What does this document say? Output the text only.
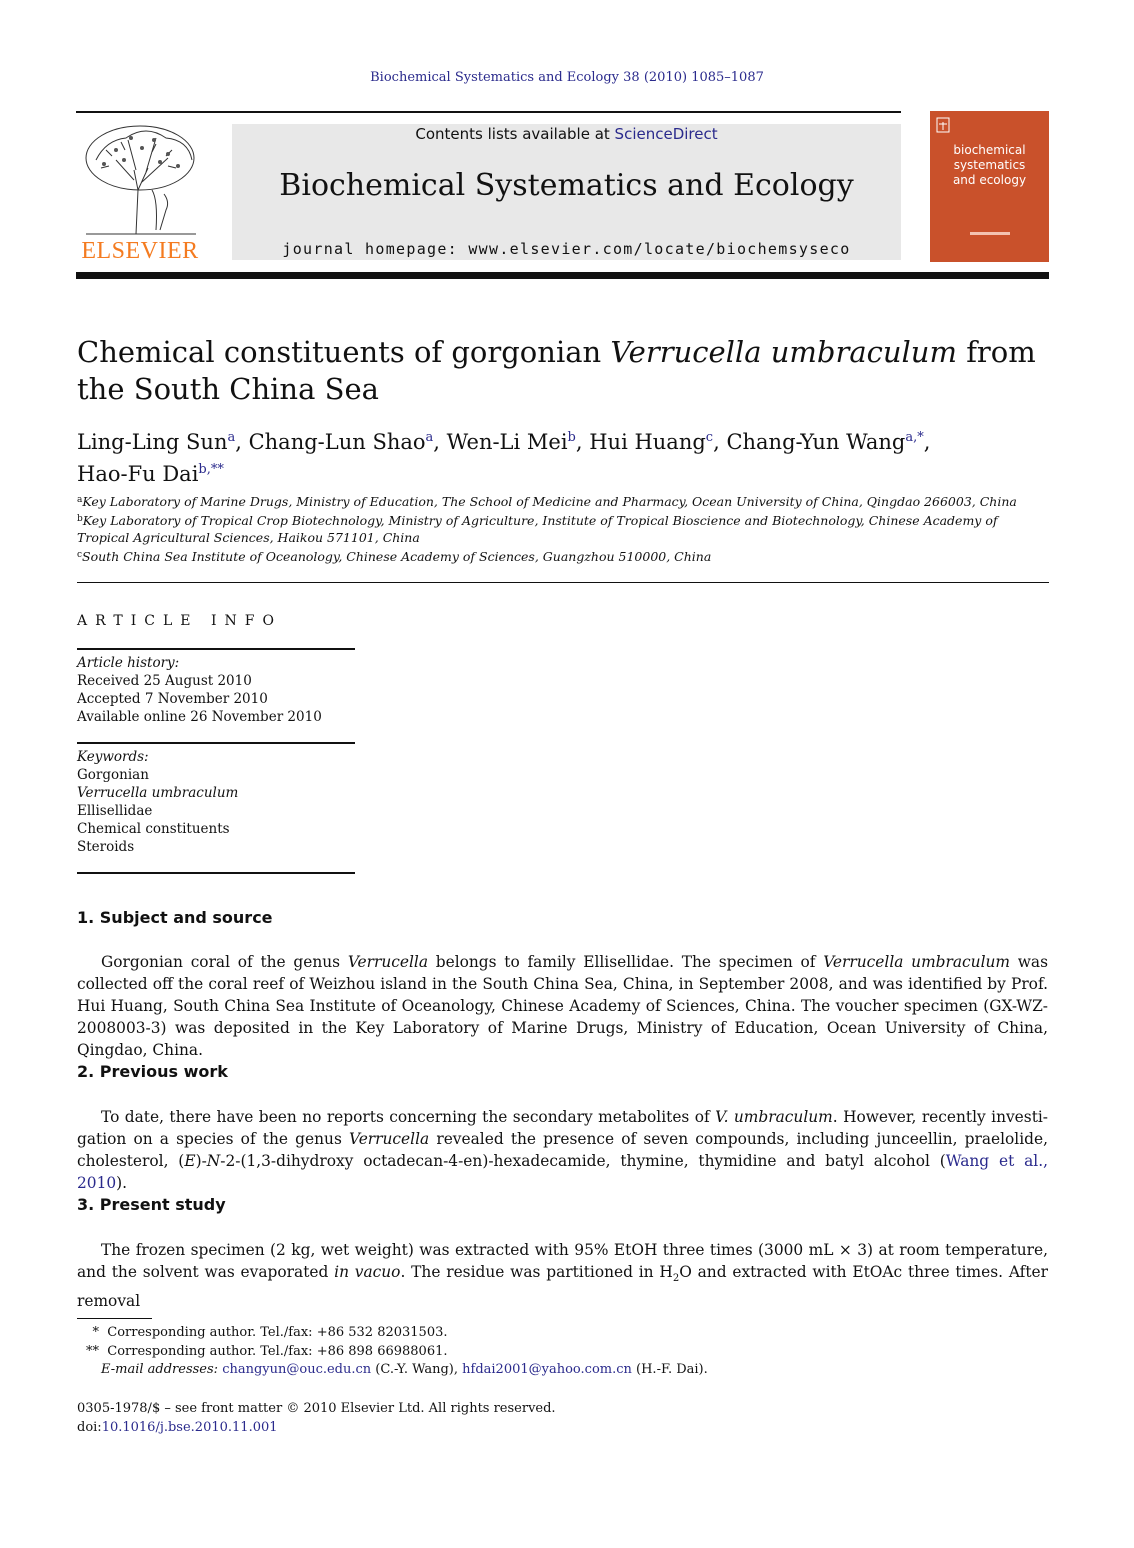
Biochemical Systematics and Ecology 38 (2010) 1085–1087
ELSEVIER
Contents lists available at ScienceDirect
Biochemical Systematics and Ecology
journal homepage: www.elsevier.com/locate/biochemsyseco
biochemical
systematics
and ecology
Chemical constituents of gorgonian Verrucella umbraculum from the South China Sea
Ling-Ling Sun$^a$, Chang-Lun Shao$^a$, Wen-Li Mei$^b$, Hui Huang$^c$, Chang-Yun Wang$^{a,*}$,
Hao-Fu Dai$^{b,**}$
$^a$Key Laboratory of Marine Drugs, Ministry of Education, The School of Medicine and Pharmacy, Ocean University of China, Qingdao 266003, China
$^b$Key Laboratory of Tropical Crop Biotechnology, Ministry of Agriculture, Institute of Tropical Bioscience and Biotechnology, Chinese Academy of Tropical Agricultural Sciences, Haikou 571101, China
$^c$South China Sea Institute of Oceanology, Chinese Academy of Sciences, Guangzhou 510000, China
ARTICLE INFO
Article history:
Received 25 August 2010
Accepted 7 November 2010
Available online 26 November 2010
Keywords:
Gorgonian
Verrucella umbraculum
Ellisellidae
Chemical constituents
Steroids
1. Subject and source
Gorgonian coral of the genus Verrucella belongs to family Ellisellidae. The specimen of Verrucella umbraculum was collected off the coral reef of Weizhou island in the South China Sea, China, in September 2008, and was identified by Prof. Hui Huang, South China Sea Institute of Oceanology, Chinese Academy of Sciences, China. The voucher specimen (GX-WZ-2008003-3) was deposited in the Key Laboratory of Marine Drugs, Ministry of Education, Ocean University of China, Qingdao, China.
2. Previous work
To date, there have been no reports concerning the secondary metabolites of V. umbraculum. However, recently investi-gation on a species of the genus Verrucella revealed the presence of seven compounds, including junceellin, praelolide, cholesterol, (E)-N-2-(1,3-dihydroxy octadecan-4-en)-hexadecamide, thymine, thymidine and batyl alcohol (Wang et al., 2010).
3. Present study
The frozen specimen (2 kg, wet weight) was extracted with 95% EtOH three times (3000 mL × 3) at room temperature, and the solvent was evaporated in vacuo. The residue was partitioned in $H_2O$ and extracted with EtOAc three times. After removal
* Corresponding author. Tel./fax: +86 532 82031503.
** Corresponding author. Tel./fax: +86 898 66988061.
E-mail addresses: changyun@ouc.edu.cn (C.-Y. Wang), hfdai2001@yahoo.com.cn (H.-F. Dai).
0305-1978/$ – see front matter © 2010 Elsevier Ltd. All rights reserved.
doi:10.1016/j.bse.2010.11.001
